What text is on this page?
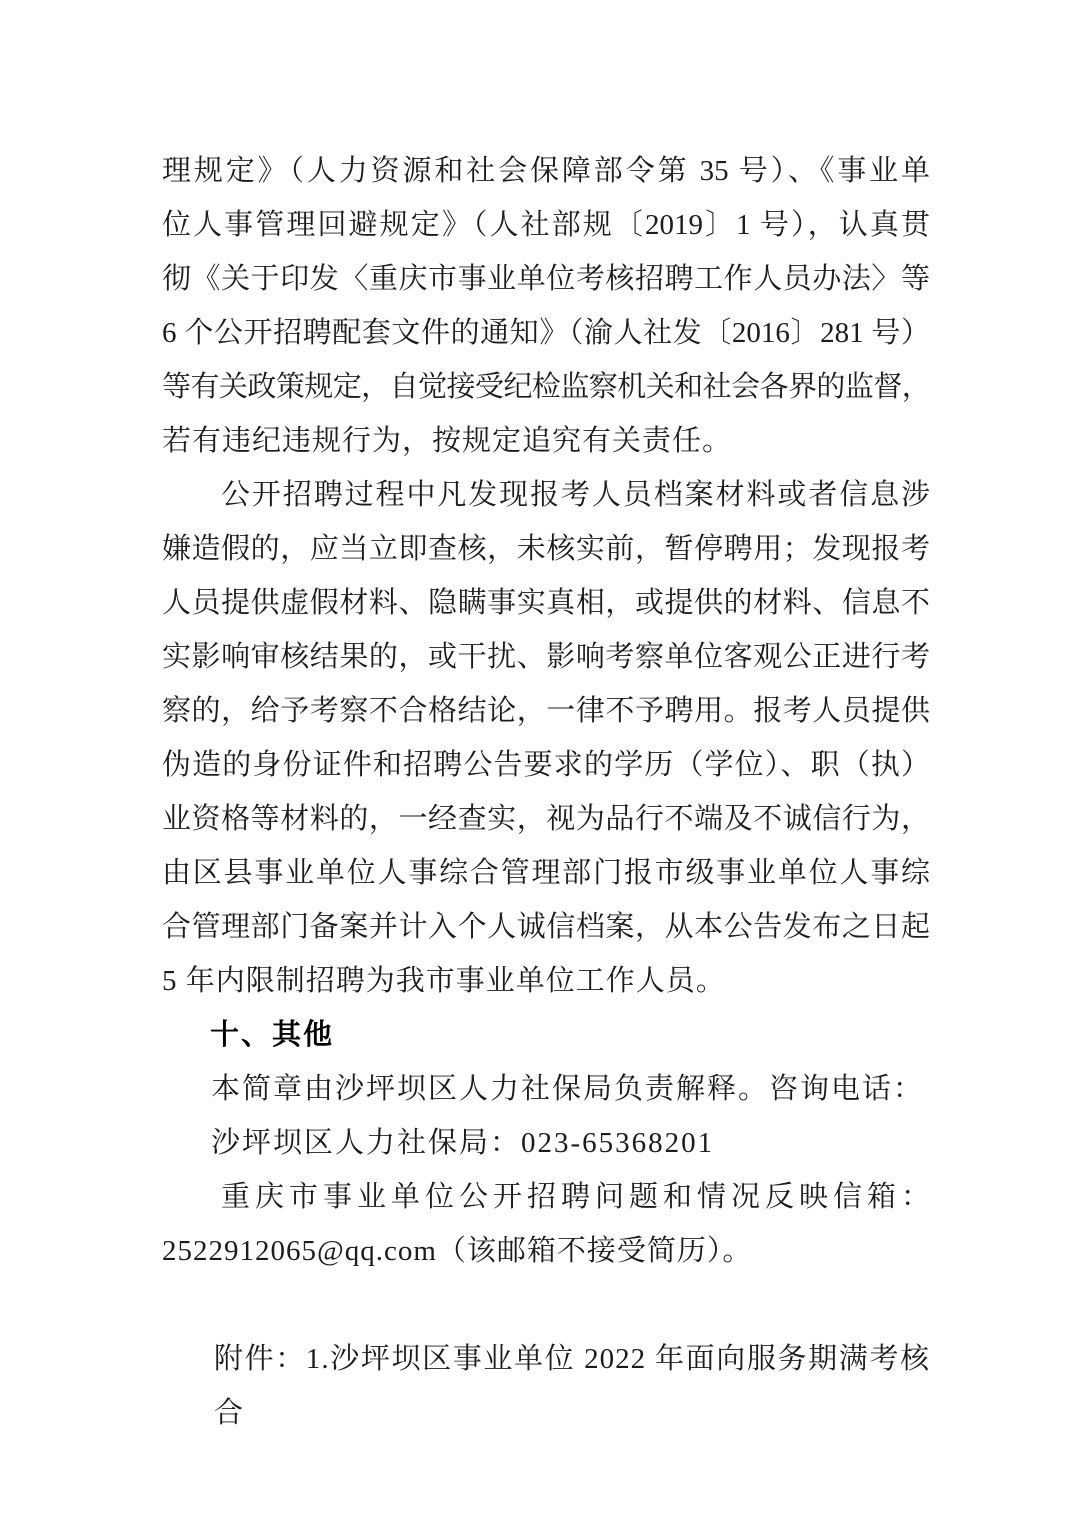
理规定》（人力资源和社会保障部令第 35 号）、《事业单
位人事管理回避规定》（人社部规〔2019〕1 号），认真贯
彻《关于印发〈重庆市事业单位考核招聘工作人员办法〉等
6 个公开招聘配套文件的通知》（渝人社发〔2016〕281 号）
等有关政策规定，自觉接受纪检监察机关和社会各界的监督，
若有违纪违规行为，按规定追究有关责任。
公开招聘过程中凡发现报考人员档案材料或者信息涉
嫌造假的，应当立即查核，未核实前，暂停聘用；发现报考
人员提供虚假材料、隐瞒事实真相，或提供的材料、信息不
实影响审核结果的，或干扰、影响考察单位客观公正进行考
察的，给予考察不合格结论，一律不予聘用。报考人员提供
伪造的身份证件和招聘公告要求的学历（学位）、职（执）
业资格等材料的，一经查实，视为品行不端及不诚信行为，
由区县事业单位人事综合管理部门报市级事业单位人事综
合管理部门备案并计入个人诚信档案，从本公告发布之日起
5 年内限制招聘为我市事业单位工作人员。
十、其他
本简章由沙坪坝区人力社保局负责解释。咨询电话：
沙坪坝区人力社保局：023-65368201
重庆市事业单位公开招聘问题和情况反映信箱：
2522912065@qq.com（该邮箱不接受简历）。
附件：1.沙坪坝区事业单位 2022 年面向服务期满考核合
